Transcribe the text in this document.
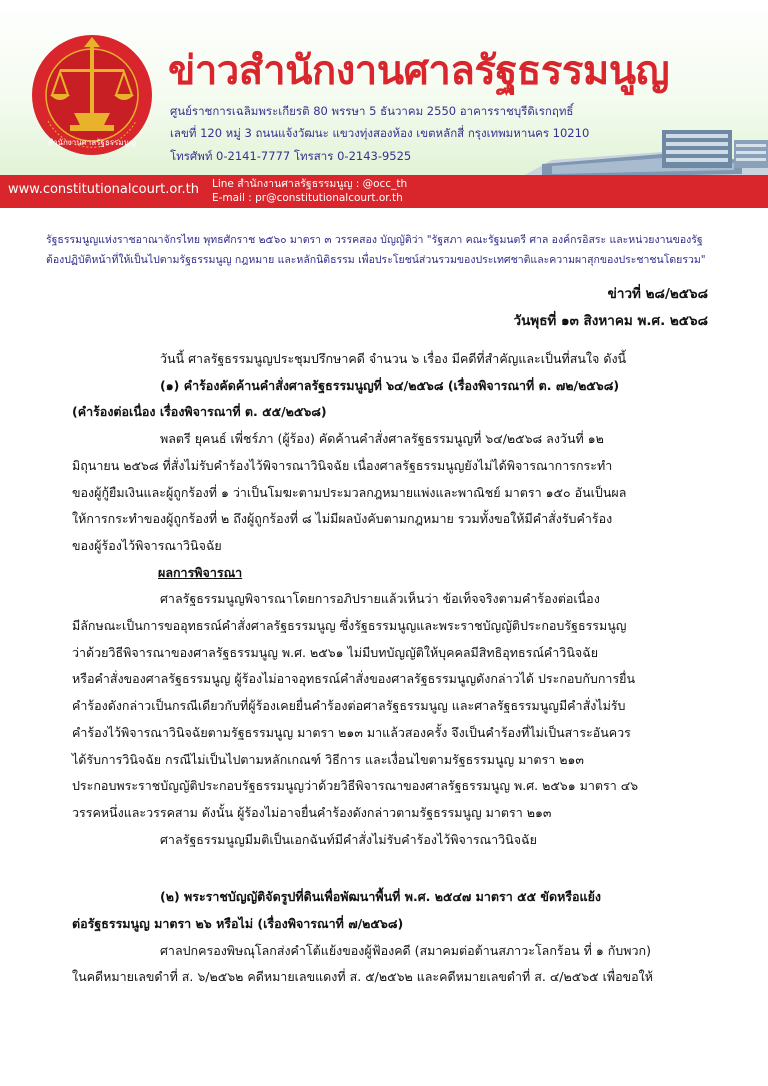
สำนักงานศาลรัฐธรรมนูญ
ข่าวสำนักงานศาลรัฐธรรมนูญ
ศูนย์ราชการเฉลิมพระเกียรติ 80 พรรษา 5 ธันวาคม 2550 อาคารราชบุรีดิเรกฤทธิ์
เลขที่ 120 หมู่ 3 ถนนแจ้งวัฒนะ แขวงทุ่งสองห้อง เขตหลักสี่ กรุงเทพมหานคร 10210
โทรศัพท์ 0-2141-7777 โทรสาร 0-2143-9525
www.constitutionalcourt.or.th Line สำนักงานศาลรัฐธรรมนูญ : @occ_th
E-mail : pr@constitutionalcourt.or.th
รัฐธรรมนูญแห่งราชอาณาจักรไทย พุทธศักราช ๒๕๖๐ มาตรา ๓ วรรคสอง บัญญัติว่า "รัฐสภา คณะรัฐมนตรี ศาล องค์กรอิสระ และหน่วยงานของรัฐ
ต้องปฏิบัติหน้าที่ให้เป็นไปตามรัฐธรรมนูญ กฎหมาย และหลักนิติธรรม เพื่อประโยชน์ส่วนรวมของประเทศชาติและความผาสุกของประชาชนโดยรวม"
ข่าวที่ ๒๘/๒๕๖๘
วันพุธที่ ๑๓ สิงหาคม พ.ศ. ๒๕๖๘

วันนี้ ศาลรัฐธรรมนูญประชุมปรึกษาคดี จำนวน ๖ เรื่อง มีคดีที่สำคัญและเป็นที่สนใจ ดังนี้

(๑) คำร้องคัดค้านคำสั่งศาลรัฐธรรมนูญที่ ๖๔/๒๕๖๘ (เรื่องพิจารณาที่ ต. ๗๒/๒๕๖๘)

(คำร้องต่อเนื่อง เรื่องพิจารณาที่ ต. ๕๕/๒๕๖๘)

พลตรี ยุคนธ์ เพี่ชร์ภา (ผู้ร้อง) คัดค้านคำสั่งศาลรัฐธรรมนูญที่ ๖๔/๒๕๖๘ ลงวันที่ ๑๒

มิถุนายน ๒๕๖๘ ที่สั่งไม่รับคำร้องไว้พิจารณาวินิจฉัย เนื่องศาลรัฐธรรมนูญยังไม่ได้พิจารณาการกระทำ

ของผู้กู้ยืมเงินและผู้ถูกร้องที่ ๑ ว่าเป็นโมฆะตามประมวลกฎหมายแพ่งและพาณิชย์ มาตรา ๑๕๐ อันเป็นผล

ให้การกระทำของผู้ถูกร้องที่ ๒ ถึงผู้ถูกร้องที่ ๘ ไม่มีผลบังคับตามกฎหมาย รวมทั้งขอให้มีคำสั่งรับคำร้อง

ของผู้ร้องไว้พิจารณาวินิจฉัย

ผลการพิจารณา

ศาลรัฐธรรมนูญพิจารณาโดยการอภิปรายแล้วเห็นว่า ข้อเท็จจริงตามคำร้องต่อเนื่อง

มีลักษณะเป็นการขออุทธรณ์คำสั่งศาลรัฐธรรมนูญ ซึ่งรัฐธรรมนูญและพระราชบัญญัติประกอบรัฐธรรมนูญ

ว่าด้วยวิธีพิจารณาของศาลรัฐธรรมนูญ พ.ศ. ๒๕๖๑ ไม่มีบทบัญญัติให้บุคคลมีสิทธิอุทธรณ์คำวินิจฉัย

หรือคำสั่งของศาลรัฐธรรมนูญ ผู้ร้องไม่อาจอุทธรณ์คำสั่งของศาลรัฐธรรมนูญดังกล่าวได้ ประกอบกับการยื่น

คำร้องดังกล่าวเป็นกรณีเดียวกับที่ผู้ร้องเคยยื่นคำร้องต่อศาลรัฐธรรมนูญ และศาลรัฐธรรมนูญมีคำสั่งไม่รับ

คำร้องไว้พิจารณาวินิจฉัยตามรัฐธรรมนูญ มาตรา ๒๑๓ มาแล้วสองครั้ง จึงเป็นคำร้องที่ไม่เป็นสาระอันควร

ได้รับการวินิจฉัย กรณีไม่เป็นไปตามหลักเกณฑ์ วิธีการ และเงื่อนไขตามรัฐธรรมนูญ มาตรา ๒๑๓

ประกอบพระราชบัญญัติประกอบรัฐธรรมนูญว่าด้วยวิธีพิจารณาของศาลรัฐธรรมนูญ พ.ศ. ๒๕๖๑ มาตรา ๔๖

วรรคหนึ่งและวรรคสาม ดังนั้น ผู้ร้องไม่อาจยื่นคำร้องดังกล่าวตามรัฐธรรมนูญ มาตรา ๒๑๓

ศาลรัฐธรรมนูญมีมติเป็นเอกฉันท์มีคำสั่งไม่รับคำร้องไว้พิจารณาวินิจฉัย

(๒) พระราชบัญญัติจัดรูปที่ดินเพื่อพัฒนาพื้นที่ พ.ศ. ๒๕๔๗ มาตรา ๕๕ ขัดหรือแย้ง

ต่อรัฐธรรมนูญ มาตรา ๒๖ หรือไม่ (เรื่องพิจารณาที่ ๗/๒๕๖๘)

ศาลปกครองพิษณุโลกส่งคำโต้แย้งของผู้ฟ้องคดี (สมาคมต่อต้านสภาวะโลกร้อน ที่ ๑ กับพวก)

ในคดีหมายเลขดำที่ ส. ๖/๒๕๖๒ คดีหมายเลขแดงที่ ส. ๕/๒๕๖๒ และคดีหมายเลขดำที่ ส. ๔/๒๕๖๕ เพื่อขอให้
